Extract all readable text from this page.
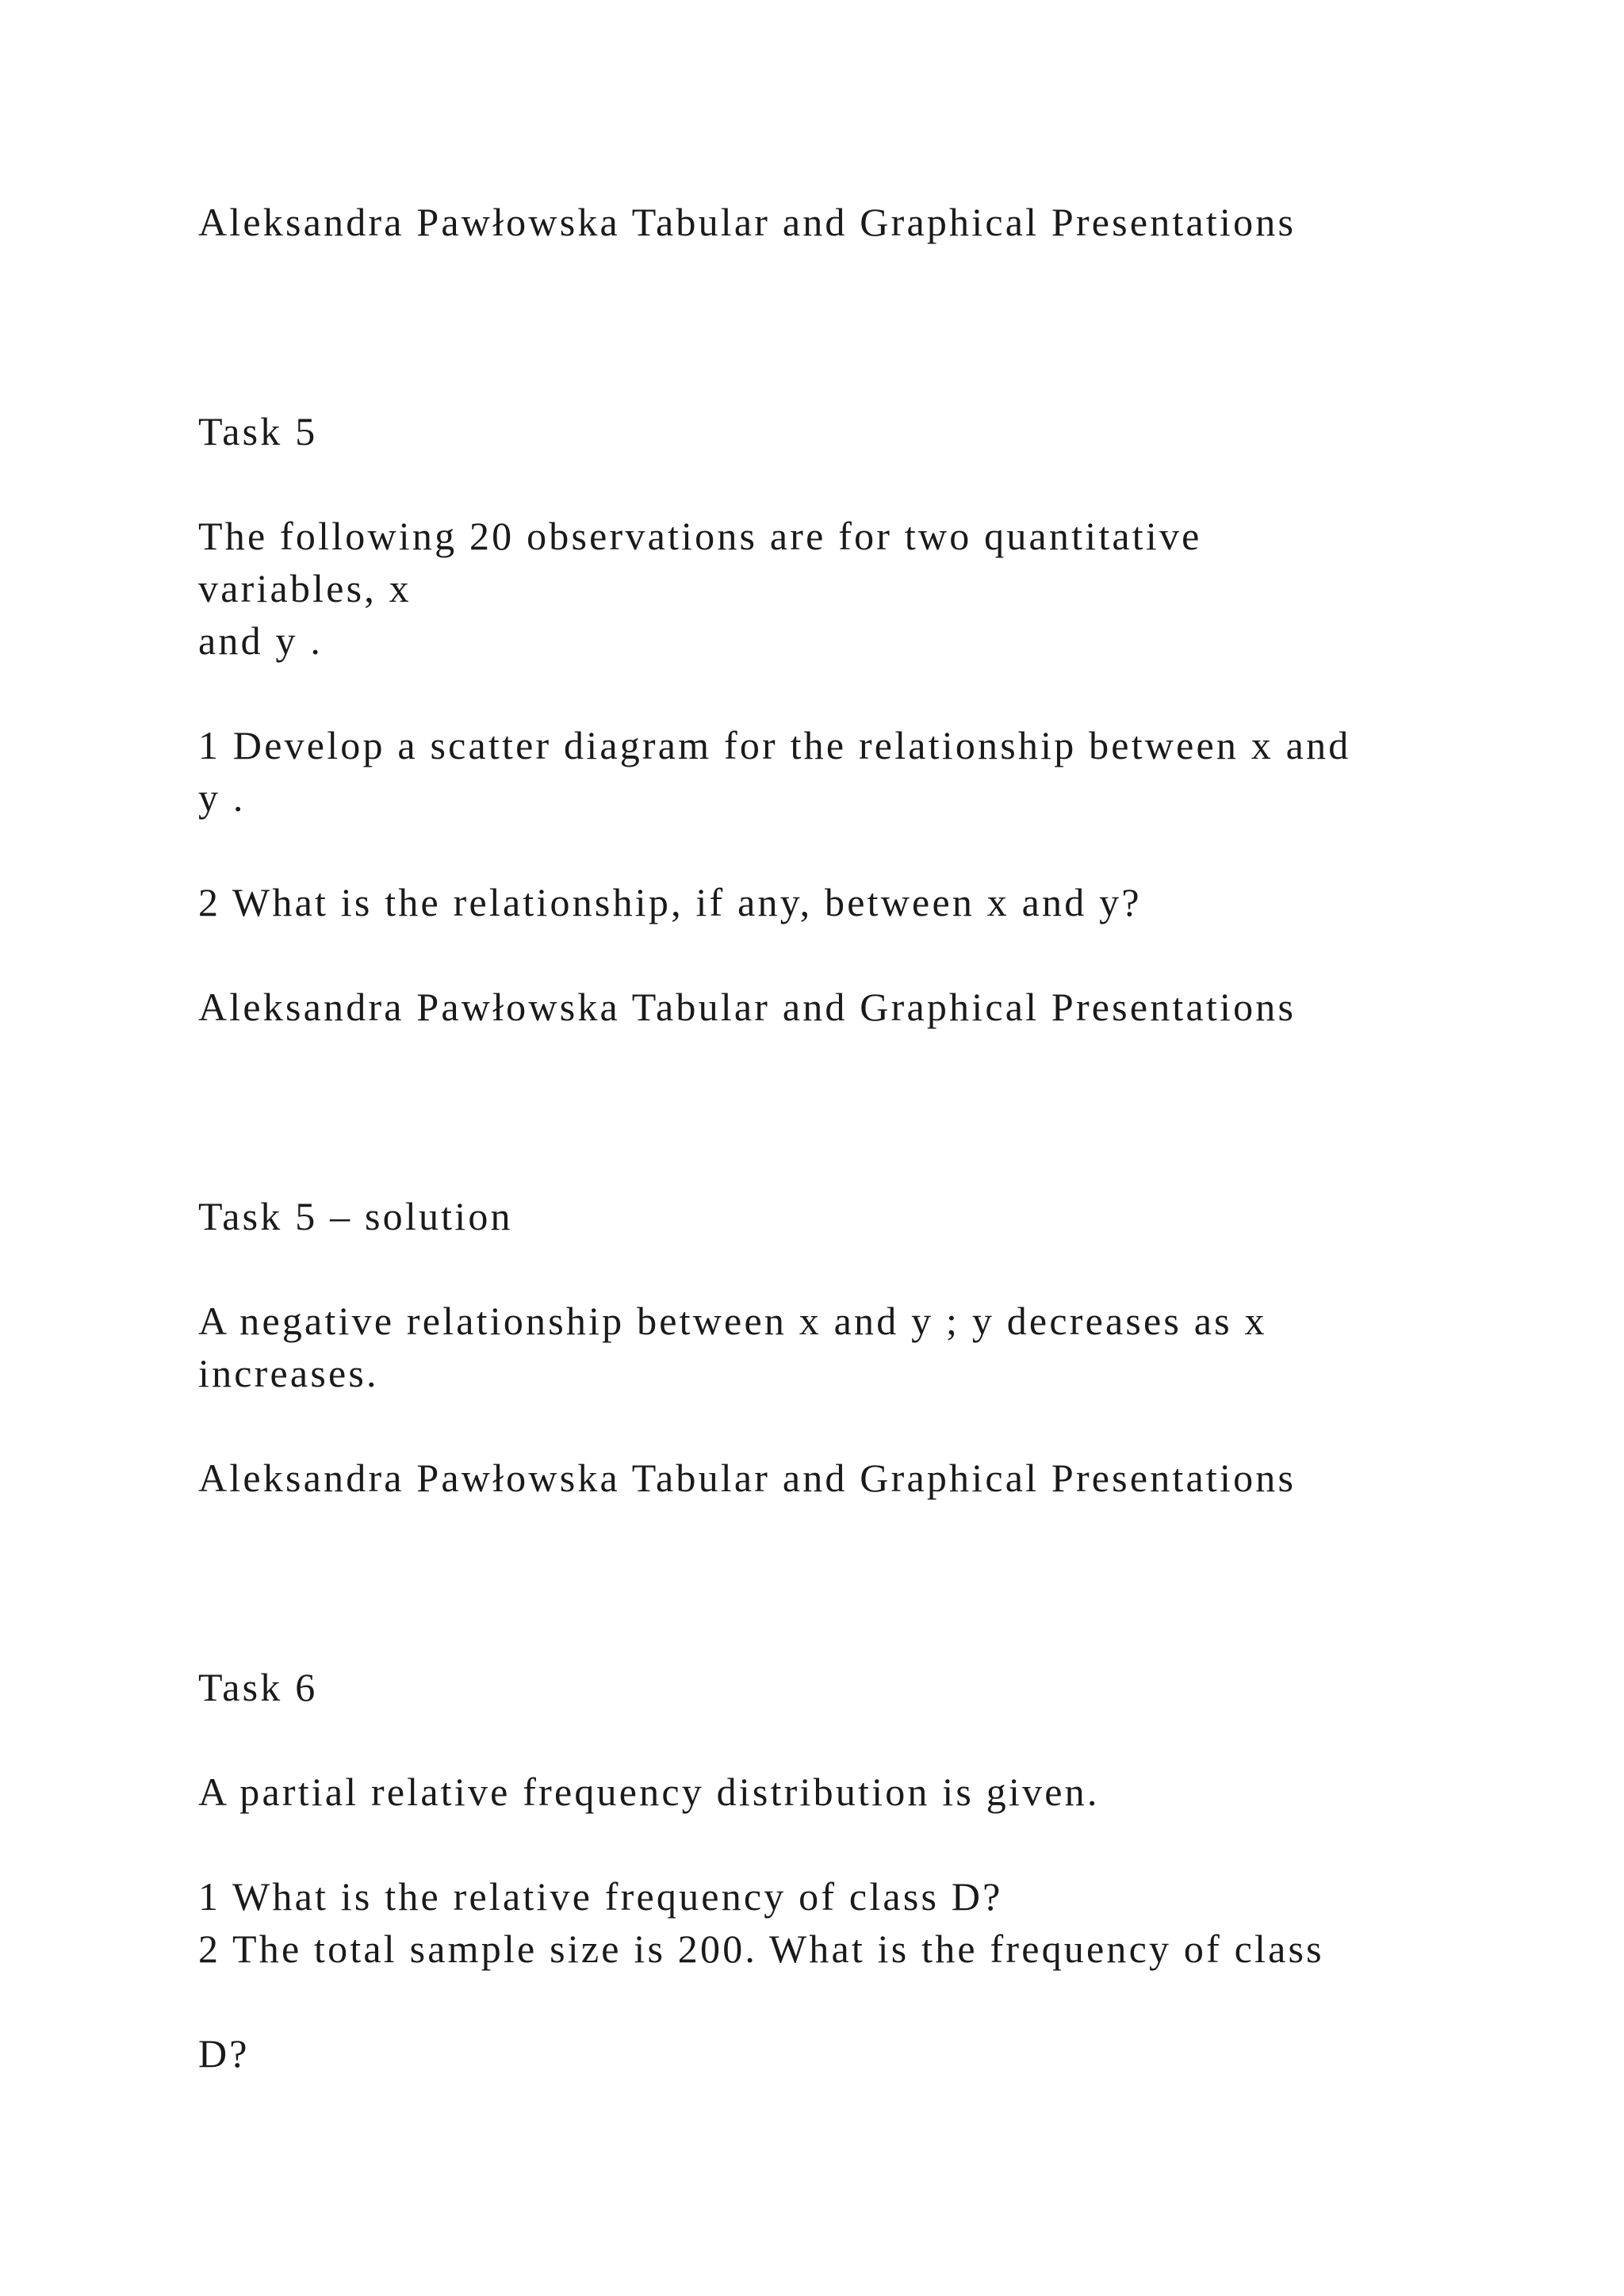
Aleksandra Pawłowska Tabular and Graphical Presentations
Task 5
The following 20 observations are for two quantitative
variables, x
and y .
1 Develop a scatter diagram for the relationship between x and
y .
2 What is the relationship, if any, between x and y?
Aleksandra Pawłowska Tabular and Graphical Presentations
Task 5 – solution
A negative relationship between x and y ; y decreases as x
increases.
Aleksandra Pawłowska Tabular and Graphical Presentations
Task 6
A partial relative frequency distribution is given.
1 What is the relative frequency of class D?
2 The total sample size is 200. What is the frequency of class
D?
